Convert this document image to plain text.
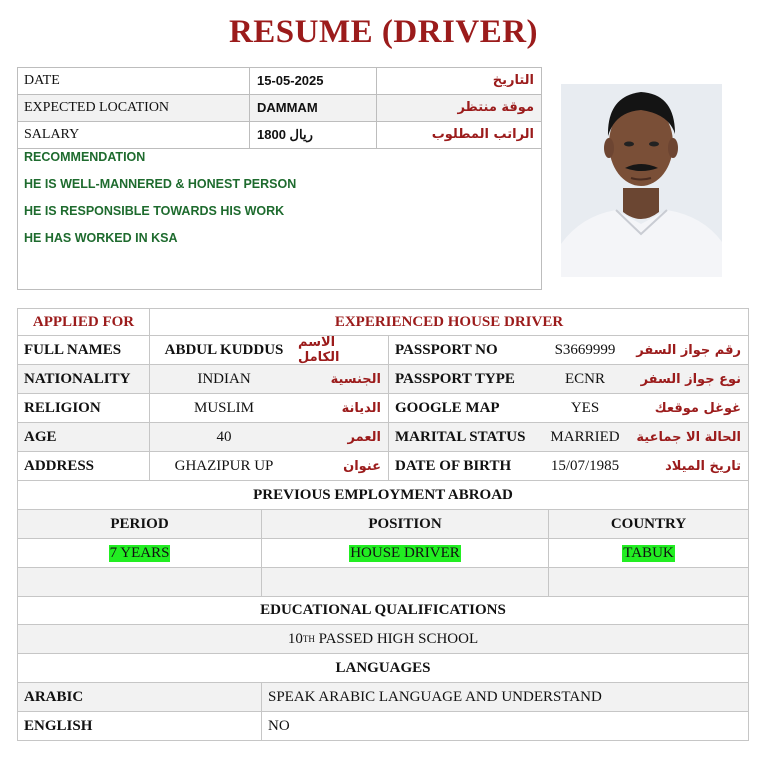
RESUME (DRIVER)
DATE	15-05-2025	التاريخ
EXPECTED LOCATION	DAMMAM	موقة منتظر
SALARY	1800 ريال	الراتب المطلوب
RECOMMENDATION
HE IS WELL-MANNERED & HONEST PERSON
HE IS RESPONSIBLE TOWARDS HIS WORK
HE HAS WORKED IN KSA
APPLIED FOR	EXPERIENCED HOUSE DRIVER
FULL NAMES	ABDUL KUDDUS	الاسم الكامل	PASSPORT NO	S3669999	رقم جواز السفر
NATIONALITY	INDIAN	الجنسية PASSPORT TYPE	ECNR	نوع جواز السفر
RELIGION	MUSLIM	الديانة GOOGLE MAP	YES	غوغل موقعك
AGE	40	العمر MARITAL STATUS	MARRIED	الحالة الا جماعية
ADDRESS	GHAZIPUR UP	عنوان DATE OF BIRTH	15/07/1985	تاريخ الميلاد
PREVIOUS EMPLOYMENT ABROAD
PERIOD	POSITION	COUNTRY
7 YEARS	HOUSE DRIVER	TABUK
EDUCATIONAL QUALIFICATIONS
10 TH PASSED HIGH SCHOOL
LANGUAGES
ARABIC	SPEAK ARABIC LANGUAGE AND UNDERSTAND
ENGLISH	NO
